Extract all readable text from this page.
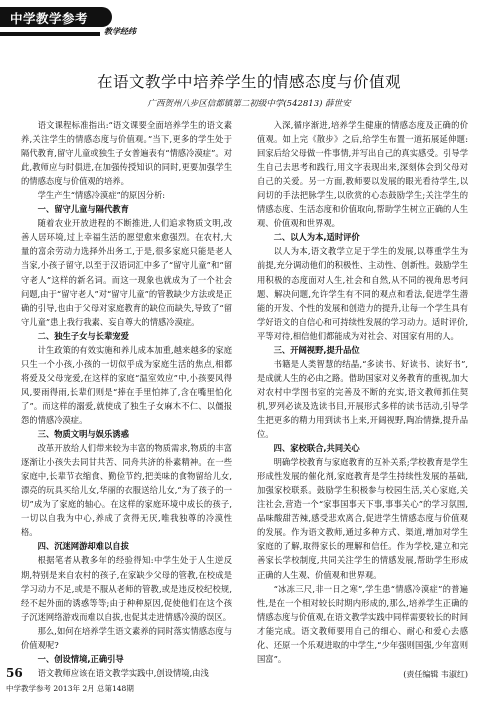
中学教学参考
教学经纬
在语文教学中培养学生的情感态度与价值观
广西贺州八步区信都镇第二初级中学(542813) 薛世安

语文课程标准指出:“语文课要全面培养学生的语文素养,关注学生的情感态度与价值观。”当下,更多的学生处于隔代教育,留守儿童或独生子女普遍表有“情感冷漠症”。对此,教师应与时俱进,在加强传授知识的同时,更要加强学生的情感态度与价值观的培养。

学生产生“情感冷漠症”的原因分析:

一、留守儿童与隔代教育

随着农业开放进程的不断推进,人们追求物质文明,改善人居环境,过上幸福生活的愿望愈来愈强烈。在农村,大量的富余劳动力选择外出务工,于是,很多家庭只能是老人当家,小孩子留守,以至于汉语词汇中多了“留守儿童”和“留守老人”这样的新名词。而这一现象也就成为了一个社会问题,由于“留守老人”对“留守儿童”的管教缺少方法或是正确的引导,也由于父母对家庭教育的缺位而缺失,导致了“留守儿童”患上我行我素、妄自尊大的情感冷漠症。

二、独生子女与长辈宠爱

计生政策的有效实施和养儿成本加重,越来越多的家庭只生一个小孩,小孩的一切似乎成为家庭生活的焦点,相都将爱及父母宠爱,在这样的家庭“温室效应”中,小孩要风得风,要雨得雨,长辈们则是“捧在手里怕摔了,含在嘴里怕化了”。而这样的溺爱,就使成了独生子女麻木不仁、以僵报怨的情感冷漠症。

三、物质文明与娱乐诱惑

改革开放给人们带来较为丰富的物质需求,物质的丰富逐渐让小孩失去同甘共苦、同舟共济的朴素精神。在一些家庭中,长辈节衣缩食、勤俭节约,把美味的食物留给儿女,漂亮的玩具买给儿女,华丽的衣服送给儿女,“为了孩子的一切”成为了家庭的轴心。在这样的家庭环境中成长的孩子,一切以自我为中心,养成了贪得无厌,唯我独尊的冷漠性格。

四、沉迷网游却难以自拔

根据笔者从教多年的经验得知:中学生处于人生逆反期,特别是来自农村的孩子,在家缺少父母的管教,在校成是学习动力不足,或是不服从老师的管教,或是违反校纪校规,经不起外面的诱惑等等;由于种种原因,促使他们在这个孩子沉迷网络游戏而难以自拔,也促其走进情感冷漠的误区。

那么,如何在培养学生语文素养的同时落实情感态度与价值观呢?

一、创设情境,正确引导

语文教师应该在语文教学实践中,创设情境,由浅

入深,循序渐进,培养学生健康的情感态度及正确的价值观。如上完《散步》之后,给学生布置一道拓展延伸题:回家后给父母做一件事情,并写出自己的真实感受。引导学生自己去思考和践行,用文字表现出来,深刻体会到父母对自己的关爱。另一方面,教师要以发展的眼光看待学生,以问切的手法把脉学生,以欣赏的心态鼓励学生;关注学生的情感态度、生活态度和价值取向,帮助学生树立正确的人生观、价值观和世界观。

二、以人为本,适时评价

以人为本,语文教学立足于学生的发展,以尊重学生为前提,充分调动他们的积极性、主动性、创新性。鼓励学生用积极的态度面对人生,社会和自然,从不同的视角思考问题、解决问题,允许学生有不同的观点和看法,促进学生潜能的开发、个性的发展和创造力的提升,让每一个学生具有学好语文的自信心和可持续性发展的学习动力。适时评价,平等对待,相信他们都能成为对社会、对国家有用的人。

三、开阔视野,提升品位

书籍是人类智慧的结晶,“多读书、好读书、读好书”,是成就人生的必由之路。借助国家对义务教育的重视,加大对农村中学图书室的完善及不断的充实,语文教师抓住契机,罗列必读及选读书目,开展形式多样的读书活动,引导学生把更多的精力用到读书上来,开阔视野,陶冶情操,提升品位。

四、家校联合,共同关心

明确学校教育与家庭教育的互补关系;学校教育是学生形成性发展的催化剂,家庭教育是学生持续性发展的基础,加强家校联系。鼓励学生积极参与校园生活,关心家庭,关注社会,营造一个“家事国事天下事,事事关心”的学习氛围,品味酸甜苦辣,感受悲欢离合,促进学生情感态度与价值观的发展。作为语文教师,通过多种方式、渠道,增加对学生家庭的了解,取得家长的理解和信任。作为学校,建立和完善家长学校制度,共同关注学生的情感发展,帮助学生形成正确的人生观、价值观和世界观。

“冰冻三尺,非一日之寒”,学生患“情感冷漠症”的普遍性,是在一个相对较长时期内形成的,那么,培养学生正确的情感态度与价值观,在语文教学实践中同样需要较长的时间才能完成。语文教师要用自己的细心、耐心和爱心去感化、还原一个乐观进取的中学生,“少年强则国强,少年富则国富”。

(责任编辑 韦淑红)
56
中学教学参考 2013年 2月 总第148期
